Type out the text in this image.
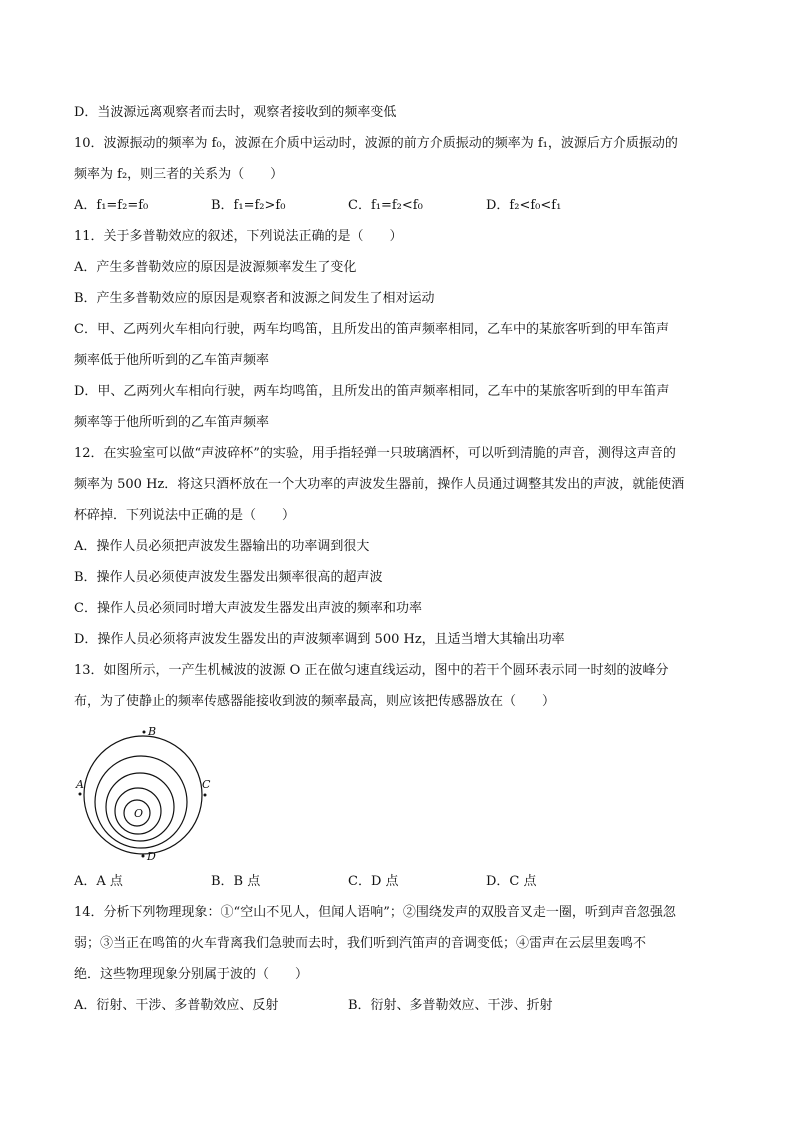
D．当波源远离观察者而去时，观察者接收到的频率变低
10．波源振动的频率为 f₀，波源在介质中运动时，波源的前方介质振动的频率为 f₁，波源后方介质振动的
频率为 f₂，则三者的关系为（　　）
A．f₁=f₂=f₀	B．f₁=f₂>f₀	C．f₁=f₂<f₀	D．f₂<f₀<f₁
11．关于多普勒效应的叙述，下列说法正确的是（　　）
A．产生多普勒效应的原因是波源频率发生了变化
B．产生多普勒效应的原因是观察者和波源之间发生了相对运动
C．甲、乙两列火车相向行驶，两车均鸣笛，且所发出的笛声频率相同，乙车中的某旅客听到的甲车笛声
频率低于他所听到的乙车笛声频率
D．甲、乙两列火车相向行驶，两车均鸣笛，且所发出的笛声频率相同，乙车中的某旅客听到的甲车笛声
频率等于他所听到的乙车笛声频率
12．在实验室可以做“声波碎杯”的实验，用手指轻弹一只玻璃酒杯，可以听到清脆的声音，测得这声音的
频率为 500 Hz．将这只酒杯放在一个大功率的声波发生器前，操作人员通过调整其发出的声波，就能使酒
杯碎掉．下列说法中正确的是（　　）
A．操作人员必须把声波发生器输出的功率调到很大
B．操作人员必须使声波发生器发出频率很高的超声波
C．操作人员必须同时增大声波发生器发出声波的频率和功率
D．操作人员必须将声波发生器发出的声波频率调到 500 Hz，且适当增大其输出功率
13．如图所示，一产生机械波的波源 O 正在做匀速直线运动，图中的若干个圆环表示同一时刻的波峰分
布，为了使静止的频率传感器能接收到波的频率最高，则应该把传感器放在（　　）
B
A	C
D
O
A．A 点	B．B 点	C．D 点	D．C 点
14．分析下列物理现象：①“空山不见人，但闻人语响”；②围绕发声的双股音叉走一圈，听到声音忽强忽
弱；③当正在鸣笛的火车背离我们急驶而去时，我们听到汽笛声的音调变低；④雷声在云层里轰鸣不
绝．这些物理现象分别属于波的（　　）
A．衍射、干涉、多普勒效应、反射	B．衍射、多普勒效应、干涉、折射
